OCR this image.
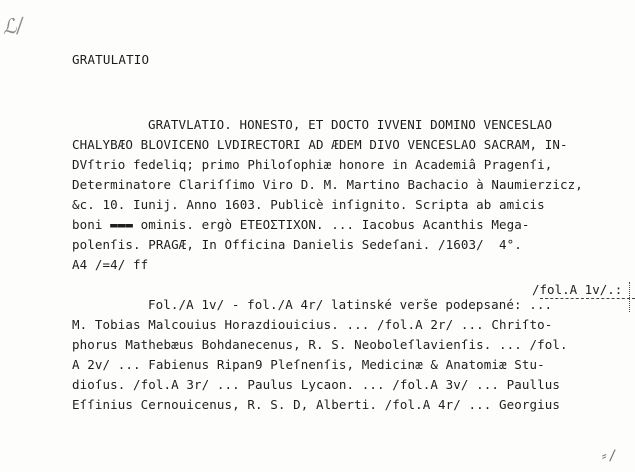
ℒ/
GRATULATIO
GRATVLATIO. HONESTO, ET DOCTO IVVENI DOMINO VENCESLAO
CHALYBÆO BLOVICENO LVDIRECTORI AD ÆDEM DIVO VENCESLAO SACRAM, IN-
DVſtrio fedeliq; primo Philoſophiæ honore in Academiâ Pragenſi,
Determinatore Clariſſimo Viro D. M. Martino Bachacio à Naumierzicz,
&c. 10. Iunij. Anno 1603. Publicè inſignito. Scripta ab amicis
boni ▬▬▬ ominis. ergò ΕΤΕΟΣΤΙΧΟΝ. ... Iacobus Acanthis Mega-
polenſis. PRAGÆ, In Officina Danielis Sedeſani. /1603/  4°.
A4 /=4/ ff
/fol.A 1v/.:
Fol./A 1v/ - fol./A 4r/ latinské verše podepsané: ...
M. Tobias Malcouius Horazdiouicius. ... /fol.A 2r/ ... Chriſto-
phorus Mathebæus Bohdanecenus, R. S. Neoboleſlavienſis. ... /fol.
A 2v/ ... Fabienus Ripan9 Pleſnenſis, Medicinæ & Anatomiæ Stu-
dioſus. /fol.A 3r/ ... Paulus Lycaon. ... /fol.A 3v/ ... Paullus
Eſſinius Cernouicenus, R. S. D, Alberti. /fol.A 4r/ ... Georgius
⸗/
